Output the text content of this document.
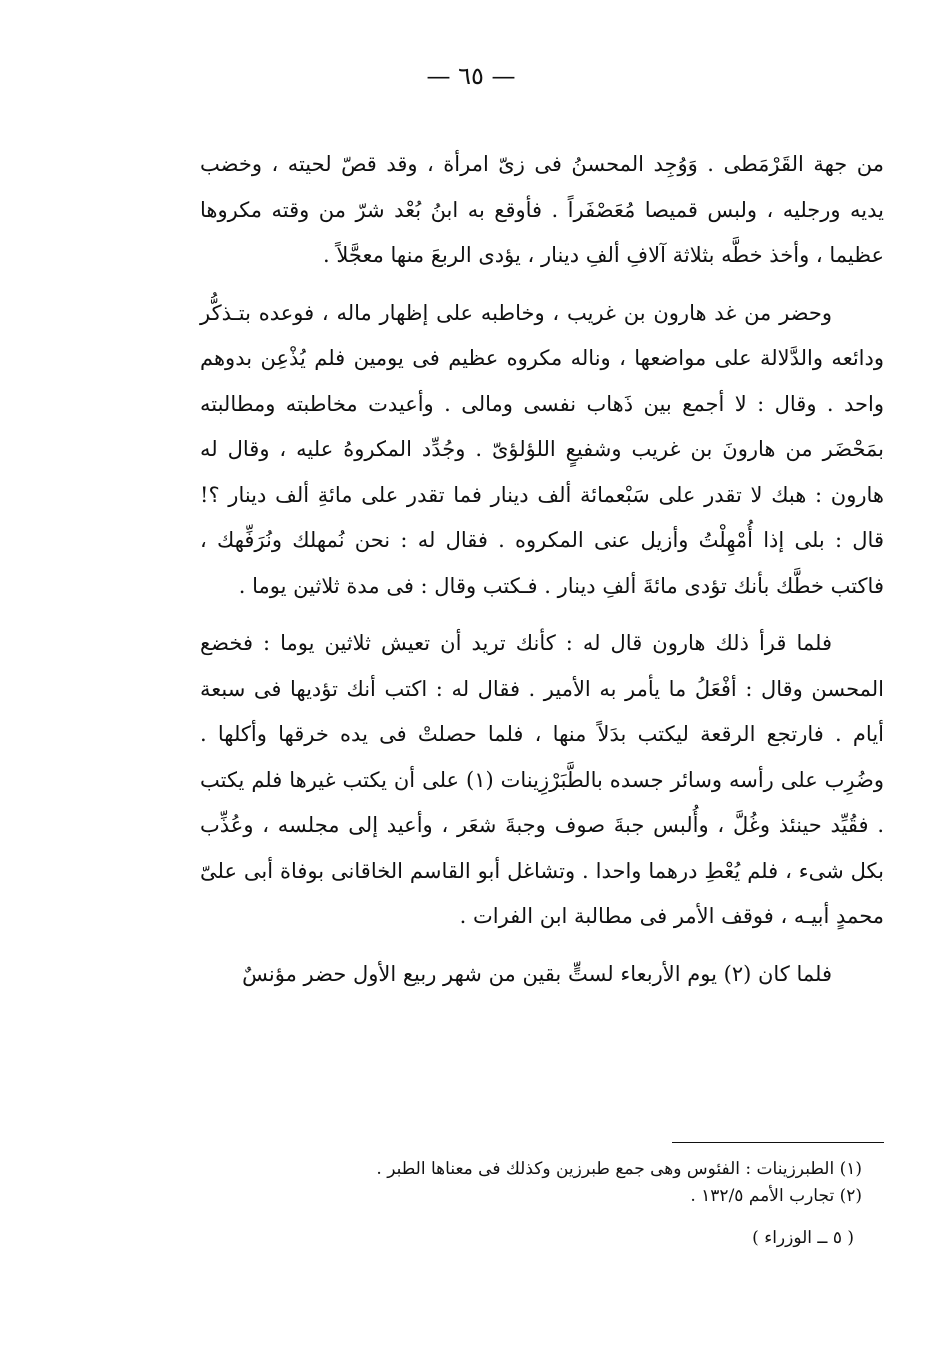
— ٦٥ —

من جهة القَرْمَطى . وَوُجِد المحسنُ فى زىّ امرأة ، وقد قصّ لحيته ، وخضب يديه ورجليه ، ولبس قميصا مُعَصْفَراً . فأوقع به ابنُ بُعْد شرّ من وقته مكروها عظيما ، وأخذ خطَّه بثلاثة آلافِ ألفِ دينار ، يؤدى الربعَ منها معجَّلاً .

وحضر من غد هارون بن غريب ، وخاطبه على إظهار ماله ، فوعده بتـذكُّر ودائعه والدَّلالة على مواضعها ، وناله مكروه عظيم فى يومين فلم يُذْعِن بدوهم واحد . وقال : لا أجمع بين ذَهاب نفسى ومالى . وأعيدت مخاطبته ومطالبته بمَحْضَر من هارونَ بن غريب وشفيعٍ اللؤلؤىّ . وجُدِّد المكروهُ عليه ، وقال له هارون : هبك لا تقدر على سَبْعمائة ألف دينار فما تقدر على مائةِ ألف دينار ؟! قال : بلى إذا أُمْهِلْتُ وأزيل عنى المكروه . فقال له : نحن نُمهلك ونُرَفِّهك ، فاكتب خطَّك بأنك تؤدى مائةَ ألفِ دينار . فـكتب وقال : فى مدة ثلاثين يوما .

فلما قرأ ذلك هارون قال له : كأنك تريد أن تعيش ثلاثين يوما : فخضع المحسن وقال : أفْعَلُ ما يأمر به الأمير . فقال له : اكتب أنك تؤديها فى سبعة أيام . فارتجع الرقعة ليكتب بدَلاً منها ، فلما حصلتْ فى يده خرقها وأكلها . وضُرِب على رأسه وسائر جسده بالطَّبَرْزِينات (١) على أن يكتب غيرها فلم يكتب . فقُيِّد حينئذ وغُلَّ ، وأُلبس جبةَ صوف وجبةَ شعَر ، وأعيد إلى مجلسه ، وعُذِّب بكل شىء ، فلم يُعْطِ درهما واحدا . وتشاغل أبو القاسم الخاقانى بوفاة أبى علىّ محمدٍ أبيـه ، فوقف الأمر فى مطالبة ابن الفرات .

فلما كان (٢) يوم الأربعاء لستٍّ بقين من شهر ربيع الأول حضر مؤنسٌ

(١) الطبرزينات : الفئوس وهى جمع طبرزين وكذلك فى معناها الطبر .

(٢) تجارب الأمم ١٣٢/٥ .

( ٥ ــ الوزراء )
